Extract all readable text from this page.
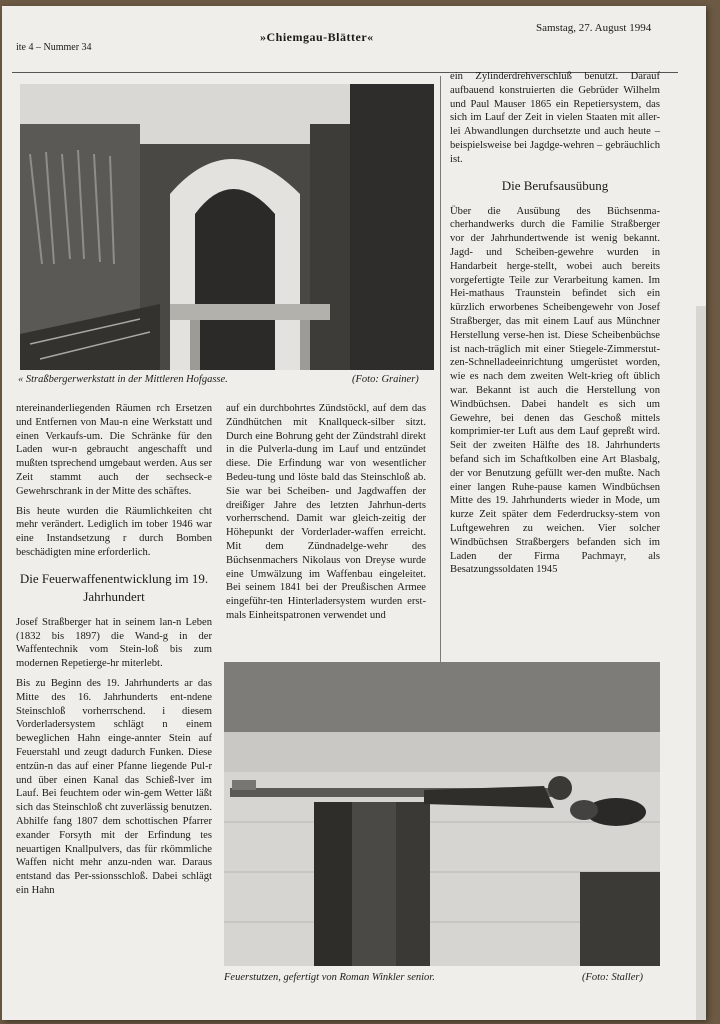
ite 4 – Nummer 34
»Chiemgau-Blätter«
Samstag, 27. August 1994
« Straßbergerwerkstatt in der Mittleren Hofgasse.	(Foto: Grainer)

ntereinanderliegenden Räumen rch Ersetzen und Entfernen von Mau-n eine Werkstatt und einen Verkaufs-um. Die Schränke für den Laden wur-n gebraucht angeschafft und mußten tsprechend umgebaut werden. Aus ser Zeit stammt auch der sechseck-e Gewehrschrank in der Mitte des schäftes.

Bis heute wurden die Räumlichkeiten cht mehr verändert. Lediglich im tober 1946 war eine Instandsetzung r durch Bomben beschädigten mine erforderlich.

Die Feuerwaffenentwicklung im 19. Jahrhundert

Josef Straßberger hat in seinem lan-n Leben (1832 bis 1897) die Wand-g in der Waffentechnik vom Stein-loß bis zum modernen Repetierge-hr miterlebt.

Bis zu Beginn des 19. Jahrhunderts ar das Mitte des 16. Jahrhunderts ent-ndene Steinschloß vorherrschend. i diesem Vorderladersystem schlägt n einem beweglichen Hahn einge-annter Stein auf Feuerstahl und zeugt dadurch Funken. Diese entzün-n das auf einer Pfanne liegende Pul-r und über einen Kanal das Schieß-lver im Lauf. Bei feuchtem oder win-gem Wetter läßt sich das Steinschloß cht zuverlässig benutzen. Abhilfe fang 1807 dem schottischen Pfarrer exander Forsyth mit der Erfindung tes neuartigen Knallpulvers, das für rkömmliche Waffen nicht mehr anzu-nden war. Daraus entstand das Per-ssionsschloß. Dabei schlägt ein Hahn

auf ein durchbohrtes Zündstöckl, auf dem das Zündhütchen mit Knallqueck-silber sitzt. Durch eine Bohrung geht der Zündstrahl direkt in die Pulverla-dung im Lauf und entzündet diese. Die Erfindung war von wesentlicher Bedeu-tung und löste bald das Steinschloß ab. Sie war bei Scheiben- und Jagdwaffen der dreißiger Jahre des letzten Jahrhun-derts vorherrschend. Damit war gleich-zeitig der Höhepunkt der Vorderlader-waffen erreicht. Mit dem Zündnadelge-wehr des Büchsenmachers Nikolaus von Dreyse wurde eine Umwälzung im Waffenbau eingeleitet. Bei seinem 1841 bei der Preußischen Armee eingeführ-ten Hinterladersystem wurden erst-mals Einheitspatronen verwendet und

ein Zylinderdrehverschluß benutzt. Darauf aufbauend konstruierten die Gebrüder Wilhelm und Paul Mauser 1865 ein Repetiersystem, das sich im Lauf der Zeit in vielen Staaten mit aller-lei Abwandlungen durchsetzte und auch heute – beispielsweise bei Jagdge-wehren – gebräuchlich ist.

Die Berufsausübung

Über die Ausübung des Büchsenma-cherhandwerks durch die Familie Straßberger vor der Jahrhundertwende ist wenig bekannt. Jagd- und Scheiben-gewehre wurden in Handarbeit herge-stellt, wobei auch bereits vorgefertigte Teile zur Verarbeitung kamen. Im Hei-mathaus Traunstein befindet sich ein kürzlich erworbenes Scheibengewehr von Josef Straßberger, das mit einem Lauf aus Münchner Herstellung verse-hen ist. Diese Scheibenbüchse ist nach-träglich mit einer Stiegele-Zimmerstut-zen-Schnelladeeinrichtung umgerüstet worden, wie es nach dem zweiten Welt-krieg oft üblich war. Bekannt ist auch die Herstellung von Windbüchsen. Dabei handelt es sich um Gewehre, bei denen das Geschoß mittels komprimier-ter Luft aus dem Lauf gepreßt wird. Seit der zweiten Hälfte des 18. Jahrhunderts befand sich im Schaftkolben eine Art Blasbalg, der vor Benutzung gefüllt wer-den mußte. Nach einer langen Ruhe-pause kamen Windbüchsen Mitte des 19. Jahrhunderts wieder in Mode, um kurze Zeit später dem Federdrucksy-stem von Luftgewehren zu weichen. Vier solcher Windbüchsen Straßbergers befanden sich im Laden der Firma Pachmayr, als Besatzungssoldaten 1945

Feuerstutzen, gefertigt von Roman Winkler senior.	(Foto: Staller)
